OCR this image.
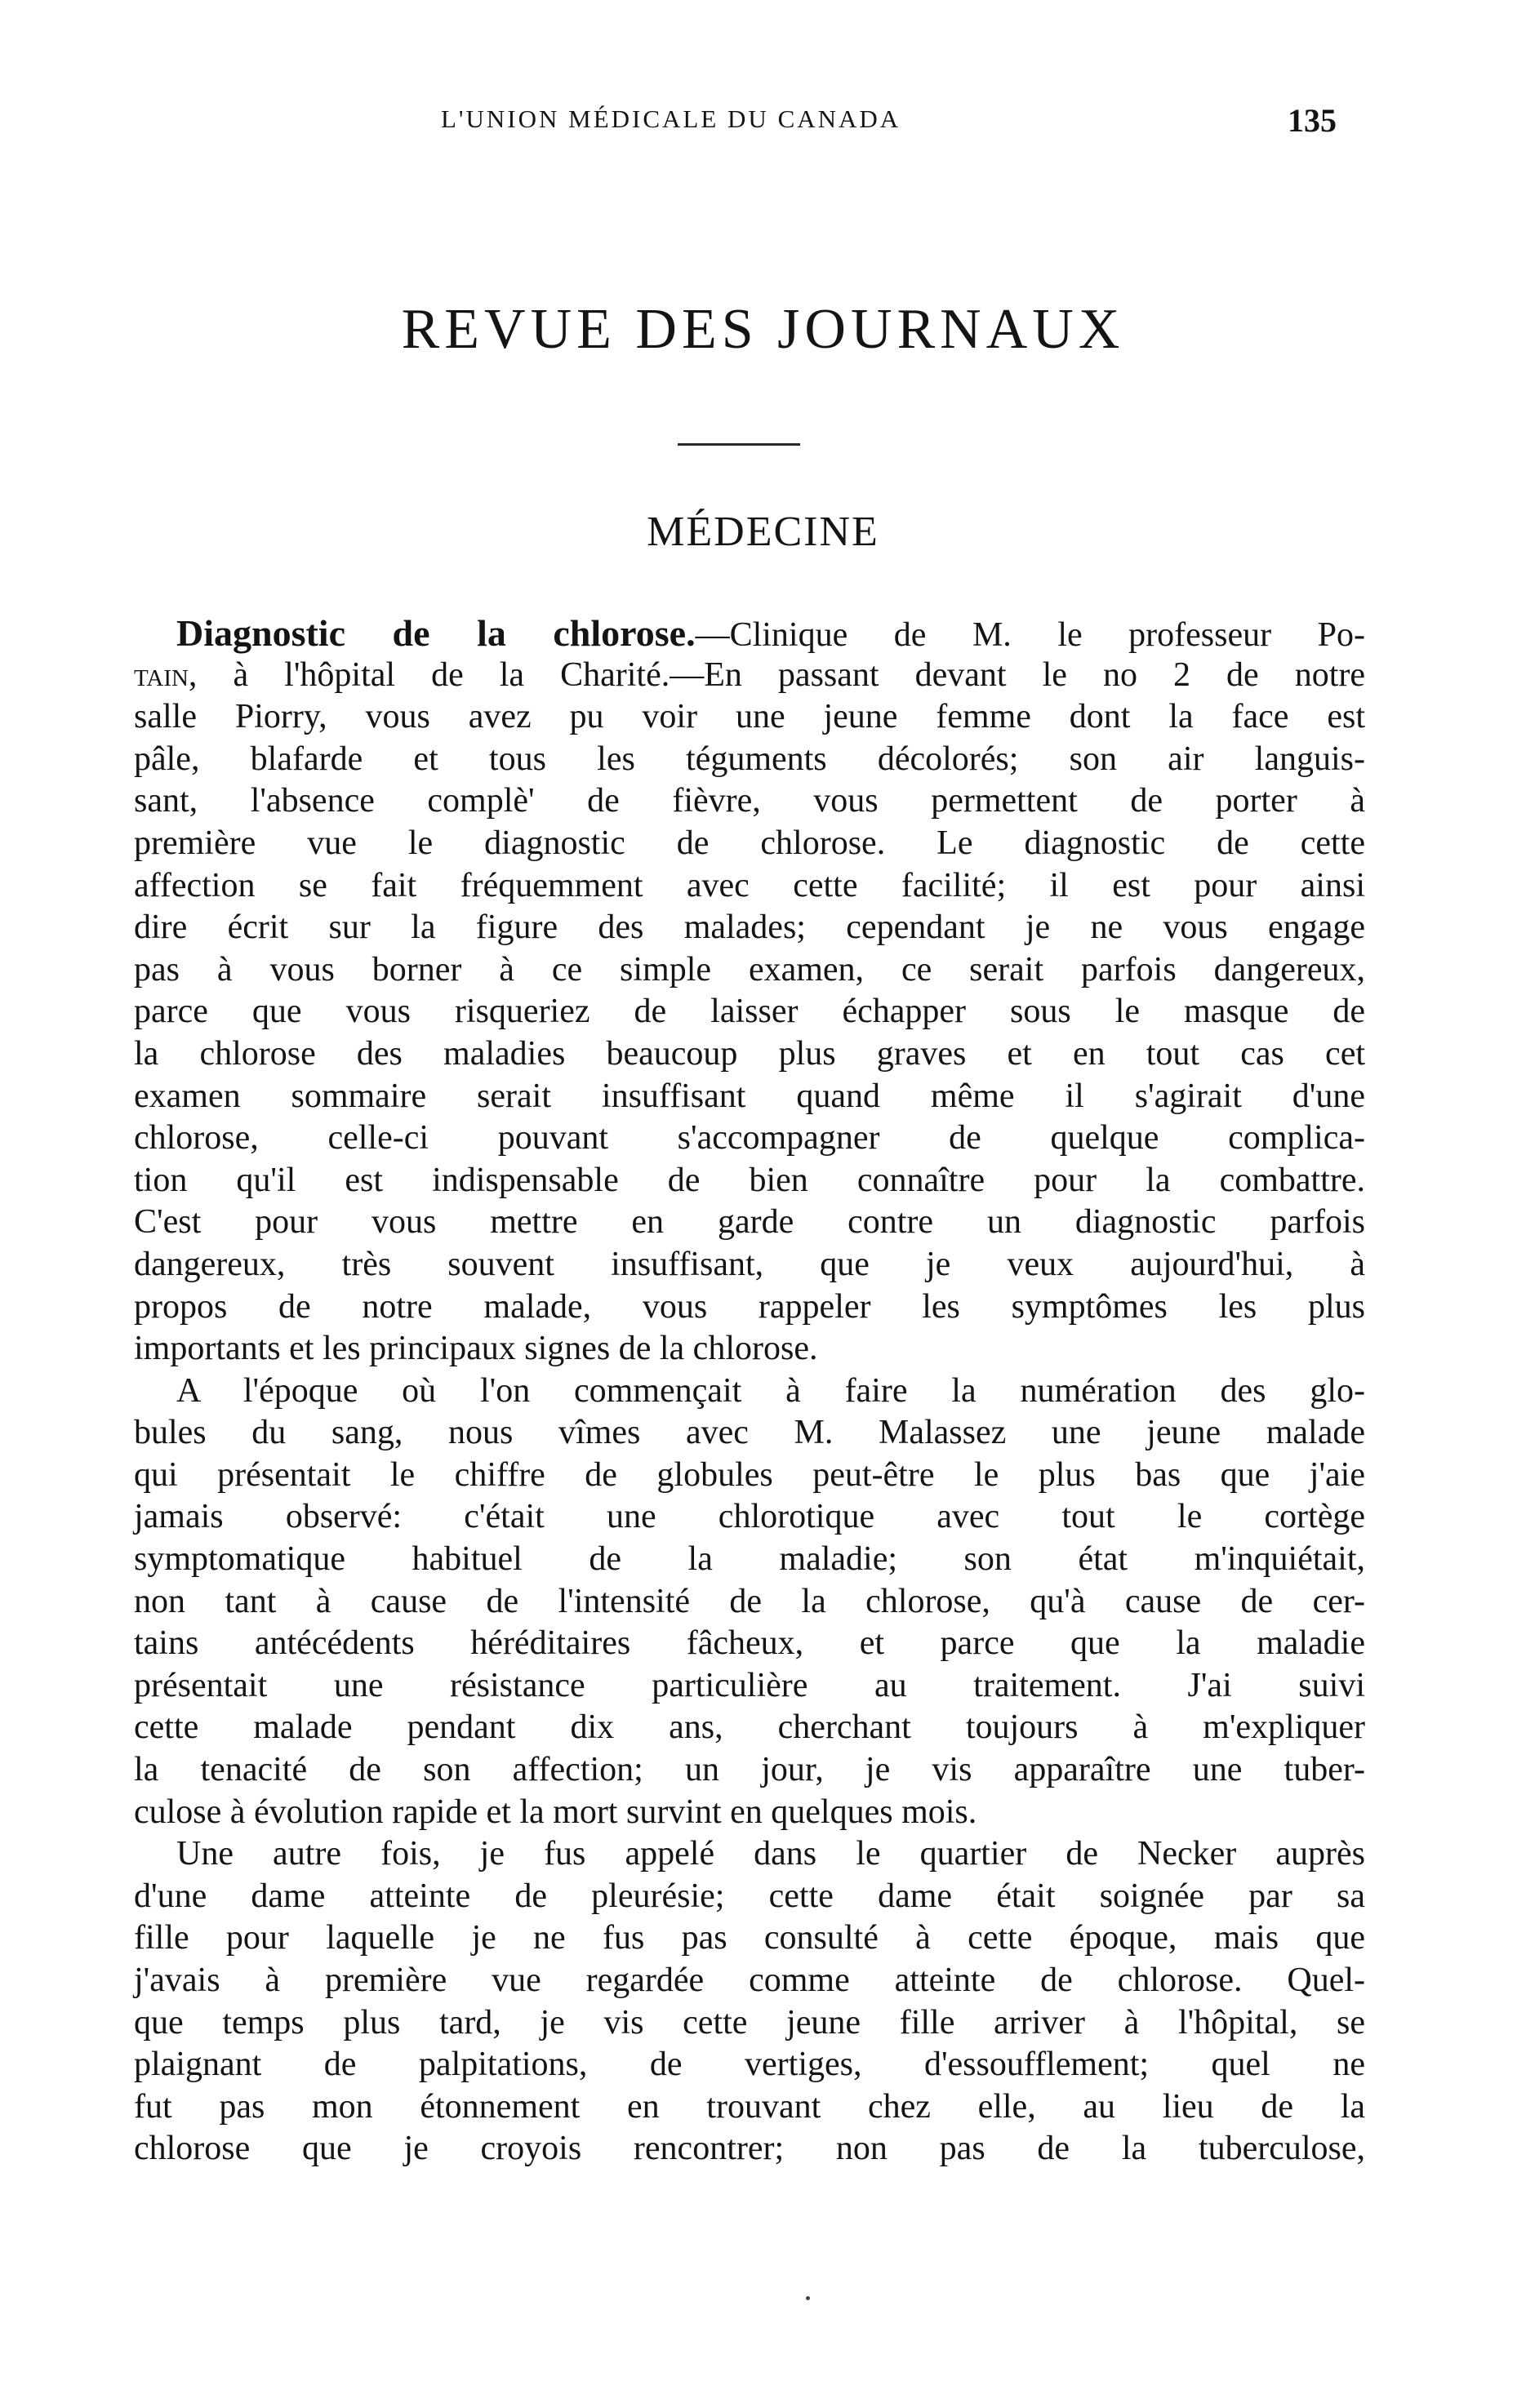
L'UNION MÉDICALE DU CANADA	135
REVUE DES JOURNAUX
MÉDECINE
Diagnostic de la chlorose.—Clinique de M. le professeur Po-
tain, à l'hôpital de la Charité.—En passant devant le no 2 de notre
salle Piorry, vous avez pu voir une jeune femme dont la face est
pâle, blafarde et tous les téguments décolorés; son air languis-
sant, l'absence complè' de fièvre, vous permettent de porter à
première vue le diagnostic de chlorose. Le diagnostic de cette
affection se fait fréquemment avec cette facilité; il est pour ainsi
dire écrit sur la figure des malades; cependant je ne vous engage
pas à vous borner à ce simple examen, ce serait parfois dangereux,
parce que vous risqueriez de laisser échapper sous le masque de
la chlorose des maladies beaucoup plus graves et en tout cas cet
examen sommaire serait insuffisant quand même il s'agirait d'une
chlorose, celle-ci pouvant s'accompagner de quelque complica-
tion qu'il est indispensable de bien connaître pour la combattre.
C'est pour vous mettre en garde contre un diagnostic parfois
dangereux, très souvent insuffisant, que je veux aujourd'hui, à
propos de notre malade, vous rappeler les symptômes les plus
importants et les principaux signes de la chlorose.
A l'époque où l'on commençait à faire la numération des glo-
bules du sang, nous vîmes avec M. Malassez une jeune malade
qui présentait le chiffre de globules peut-être le plus bas que j'aie
jamais observé: c'était une chlorotique avec tout le cortège
symptomatique habituel de la maladie; son état m'inquiétait,
non tant à cause de l'intensité de la chlorose, qu'à cause de cer-
tains antécédents héréditaires fâcheux, et parce que la maladie
présentait une résistance particulière au traitement. J'ai suivi
cette malade pendant dix ans, cherchant toujours à m'expliquer
la tenacité de son affection; un jour, je vis apparaître une tuber-
culose à évolution rapide et la mort survint en quelques mois.
Une autre fois, je fus appelé dans le quartier de Necker auprès
d'une dame atteinte de pleurésie; cette dame était soignée par sa
fille pour laquelle je ne fus pas consulté à cette époque, mais que
j'avais à première vue regardée comme atteinte de chlorose. Quel-
que temps plus tard, je vis cette jeune fille arriver à l'hôpital, se
plaignant de palpitations, de vertiges, d'essoufflement; quel ne
fut pas mon étonnement en trouvant chez elle, au lieu de la
chlorose que je croyois rencontrer; non pas de la tuberculose,
